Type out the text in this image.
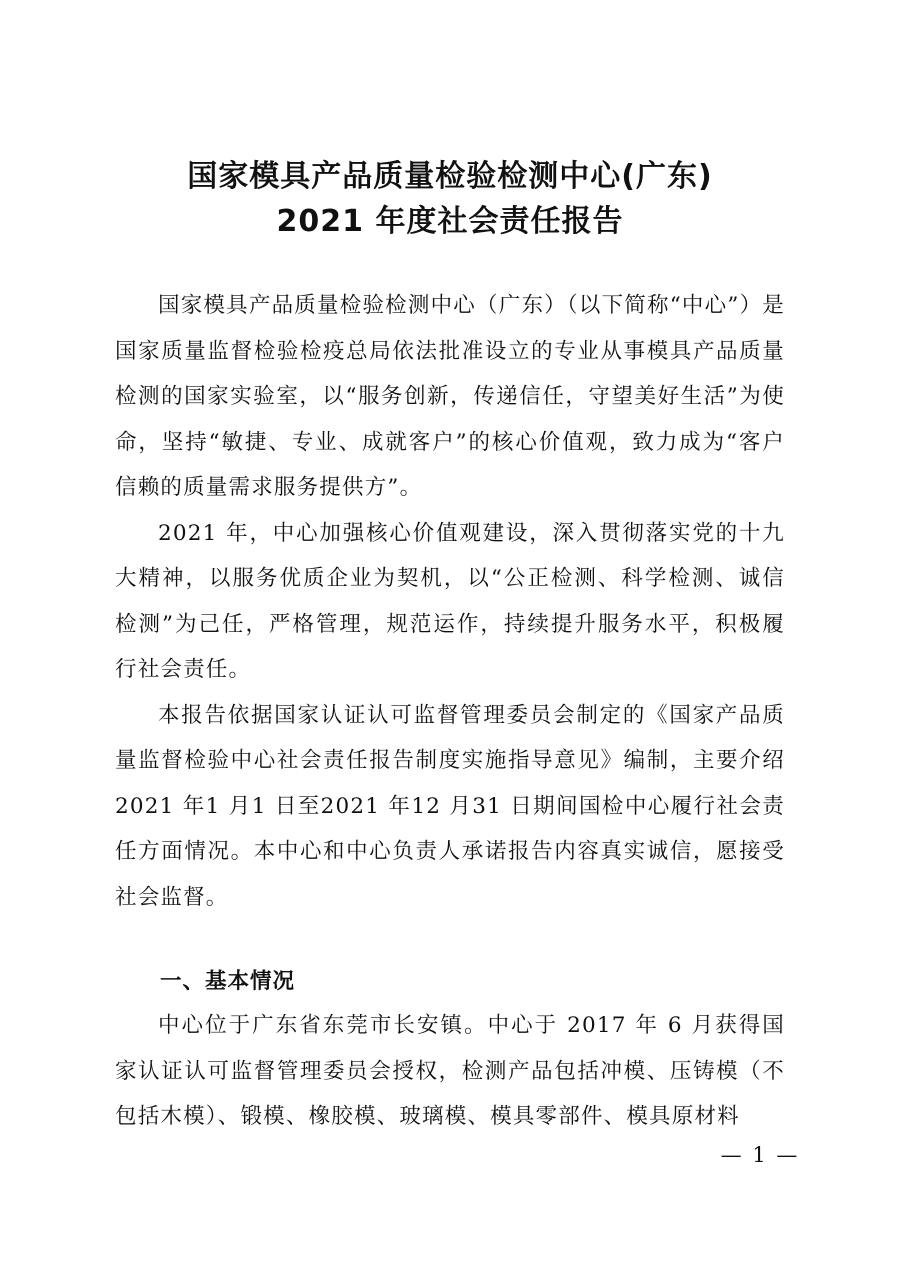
国家模具产品质量检验检测中心(广东)
2021 年度社会责任报告

国家模具产品质量检验检测中心（广东）（以下简称“中心”）是国家质量监督检验检疫总局依法批准设立的专业从事模具产品质量检测的国家实验室，以“服务创新，传递信任，守望美好生活”为使命，坚持“敏捷、专业、成就客户”的核心价值观，致力成为“客户信赖的质量需求服务提供方”。

2021 年，中心加强核心价值观建设，深入贯彻落实党的十九大精神，以服务优质企业为契机，以“公正检测、科学检测、诚信检测”为己任，严格管理，规范运作，持续提升服务水平，积极履行社会责任。

本报告依据国家认证认可监督管理委员会制定的《国家产品质量监督检验中心社会责任报告制度实施指导意见》编制，主要介绍2021 年1 月1 日至2021 年12 月31 日期间国检中心履行社会责任方面情况。本中心和中心负责人承诺报告内容真实诚信，愿接受社会监督。

一、基本情况

中心位于广东省东莞市长安镇。中心于 2017 年 6 月获得国家认证认可监督管理委员会授权，检测产品包括冲模、压铸模（不包括木模）、锻模、橡胶模、玻璃模、模具零部件、模具原材料

— 1 —
